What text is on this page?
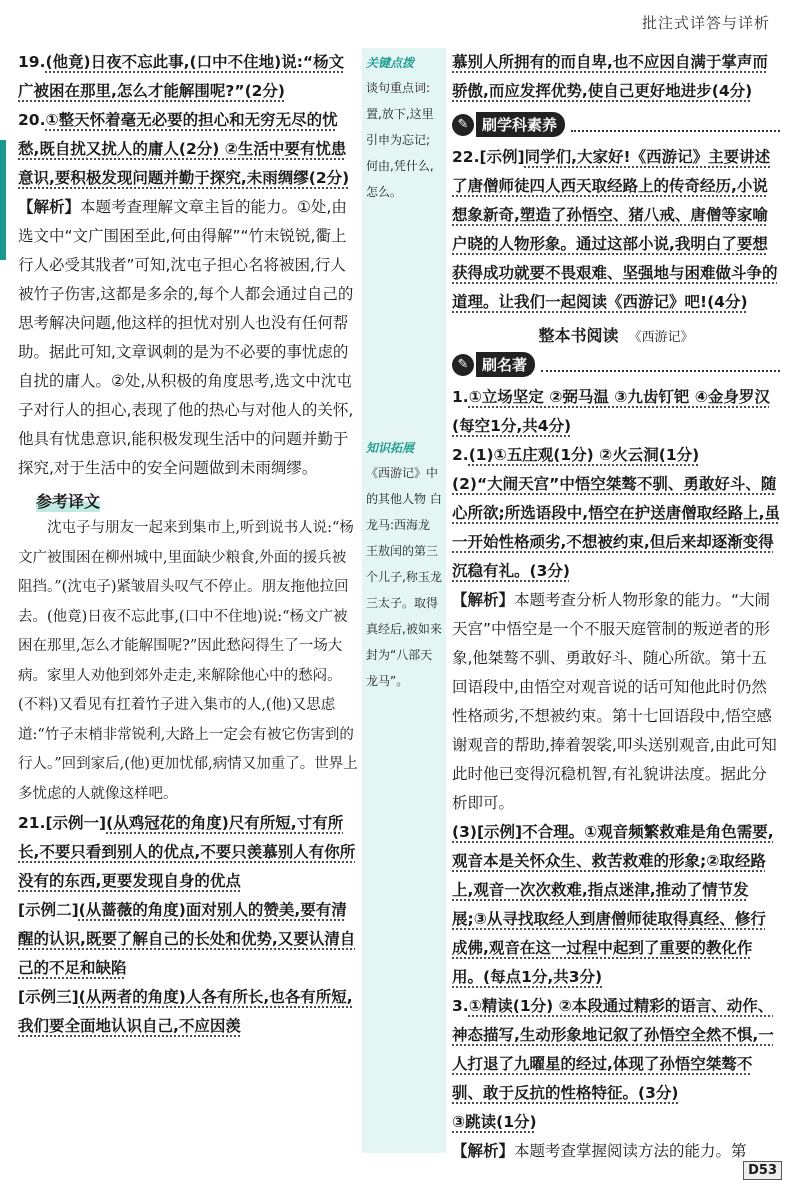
批注式详答与详析

19.(他竟)日夜不忘此事,(口中不住地)说:“杨文广被困在那里,怎么才能解围呢?”(2分)

20.①整天怀着毫无必要的担心和无穷无尽的忧愁,既自扰又扰人的庸人(2分) ②生活中要有忧患意识,要积极发现问题并勤于探究,未雨绸缪(2分)

【解析】本题考查理解文章主旨的能力。①处,由选文中“文广围困至此,何由得解”“竹末锐锐,衢上行人必受其戕者”可知,沈屯子担心名将被困,行人被竹子伤害,这都是多余的,每个人都会通过自己的思考解决问题,他这样的担忧对别人也没有任何帮助。据此可知,文章讽刺的是为不必要的事忧虑的自扰的庸人。②处,从积极的角度思考,选文中沈屯子对行人的担心,表现了他的热心与对他人的关怀,他具有忧患意识,能积极发现生活中的问题并勤于探究,对于生活中的安全问题做到未雨绸缪。

参考译文

  沈屯子与朋友一起来到集市上,听到说书人说:“杨文广被围困在柳州城中,里面缺少粮食,外面的援兵被阻挡。”(沈屯子)紧皱眉头叹气不停止。朋友拖他拉回去。(他竟)日夜不忘此事,(口中不住地)说:“杨文广被困在那里,怎么才能解围呢?”因此愁闷得生了一场大病。家里人劝他到郊外走走,来解除他心中的愁闷。(不料)又看见有扛着竹子进入集市的人,(他)又思虑道:“竹子末梢非常锐利,大路上一定会有被它伤害到的行人。”回到家后,(他)更加忧郁,病情又加重了。世界上多忧虑的人就像这样吧。

21.[示例一](从鸡冠花的角度)尺有所短,寸有所长,不要只看到别人的优点,不要只羡慕别人有你所没有的东西,更要发现自身的优点

[示例二](从蔷薇的角度)面对别人的赞美,要有清醒的认识,既要了解自己的长处和优势,又要认清自己的不足和缺陷

[示例三](从两者的角度)人各有所长,也各有所短,我们要全面地认识自己,不应因羡

关键点拨
谈句重点词:置,放下,这里引申为忘记;何由,凭什么,怎么。
知识拓展
《西游记》中的其他人物 白龙马:西海龙王敖闰的第三个儿子,称玉龙三太子。取得真经后,被如来封为“八部天龙马”。

慕别人所拥有的而自卑,也不应因自满于掌声而骄傲,而应发挥优势,使自己更好地进步(4分)

✎ 刷学科素养

22.[示例]同学们,大家好!《西游记》主要讲述了唐僧师徒四人西天取经路上的传奇经历,小说想象新奇,塑造了孙悟空、猪八戒、唐僧等家喻户晓的人物形象。通过这部小说,我明白了要想获得成功就要不畏艰难、坚强地与困难做斗争的道理。让我们一起阅读《西游记》吧!(4分)

整本书阅读 《西游记》
✎ 刷名著

1.①立场坚定 ②弼马温 ③九齿钉钯 ④金身罗汉(每空1分,共4分)

2.(1)①五庄观(1分) ②火云洞(1分)

(2)“大闹天宫”中悟空桀骜不驯、勇敢好斗、随心所欲;所选语段中,悟空在护送唐僧取经路上,虽一开始性格顽劣,不想被约束,但后来却逐渐变得沉稳有礼。(3分)

【解析】本题考查分析人物形象的能力。“大闹天宫”中悟空是一个不服天庭管制的叛逆者的形象,他桀骜不驯、勇敢好斗、随心所欲。第十五回语段中,由悟空对观音说的话可知他此时仍然性格顽劣,不想被约束。第十七回语段中,悟空感谢观音的帮助,捧着袈裟,叩头送别观音,由此可知此时他已变得沉稳机智,有礼貌讲法度。据此分析即可。

(3)[示例]不合理。①观音频繁救难是角色需要,观音本是关怀众生、救苦救难的形象;②取经路上,观音一次次救难,指点迷津,推动了情节发展;③从寻找取经人到唐僧师徒取得真经、修行成佛,观音在这一过程中起到了重要的教化作用。(每点1分,共3分)

3.①精读(1分) ②本段通过精彩的语言、动作、神态描写,生动形象地记叙了孙悟空全然不惧,一人打退了九曜星的经过,体现了孙悟空桀骜不驯、敢于反抗的性格特征。(3分)

③跳读(1分)

【解析】本题考查掌握阅读方法的能力。第

D53
